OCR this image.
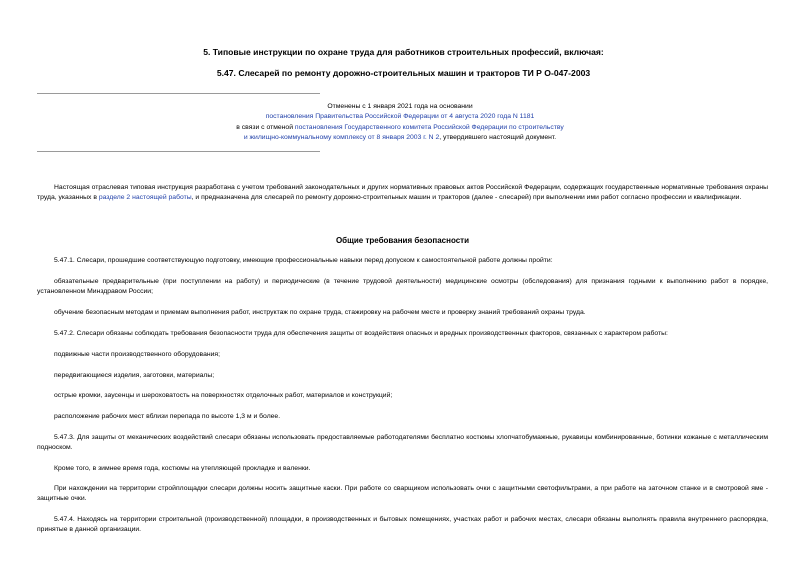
5. Типовые инструкции по охране труда для работников строительных профессий, включая:
5.47. Слесарей по ремонту дорожно-строительных машин и тракторов ТИ Р О-047-2003
Отменены с 1 января 2021 года на основании
постановления Правительства Российской Федерации от 4 августа 2020 года N 1181
в связи с отменой постановления Государственного комитета Российской Федерации по строительству
и жилищно-коммунальному комплексу от 8 января 2003 г. N 2, утвердившего настоящий документ.

Настоящая отраслевая типовая инструкция разработана с учетом требований законодательных и других нормативных правовых актов Российской Федерации, содержащих государственные нормативные требования охраны труда, указанных в разделе 2 настоящей работы, и предназначена для слесарей по ремонту дорожно-строительных машин и тракторов (далее - слесарей) при выполнении ими работ согласно профессии и квалификации.

Общие требования безопасности

5.47.1. Слесари, прошедшие соответствующую подготовку, имеющие профессиональные навыки перед допуском к самостоятельной работе должны пройти:

обязательные предварительные (при поступлении на работу) и периодические (в течение трудовой деятельности) медицинские осмотры (обследования) для признания годными к выполнению работ в порядке, установленном Минздравом России;

обучение безопасным методам и приемам выполнения работ, инструктаж по охране труда, стажировку на рабочем месте и проверку знаний требований охраны труда.

5.47.2. Слесари обязаны соблюдать требования безопасности труда для обеспечения защиты от воздействия опасных и вредных производственных факторов, связанных с характером работы:

подвижные части производственного оборудования;

передвигающиеся изделия, заготовки, материалы;

острые кромки, заусенцы и шероховатость на поверхностях отделочных работ, материалов и конструкций;

расположение рабочих мест вблизи перепада по высоте 1,3 м и более.

5.47.3. Для защиты от механических воздействий слесари обязаны использовать предоставляемые работодателями бесплатно костюмы хлопчатобумажные, рукавицы комбинированные, ботинки кожаные с металлическим подноском.

Кроме того, в зимнее время года, костюмы на утепляющей прокладке и валенки.

При нахождении на территории стройплощадки слесари должны носить защитные каски. При работе со сварщиком использовать очки с защитными светофильтрами, а при работе на заточном станке и в смотровой яме - защитные очки.

5.47.4. Находясь на территории строительной (производственной) площадки, в производственных и бытовых помещениях, участках работ и рабочих местах, слесари обязаны выполнять правила внутреннего распорядка, принятые в данной организации.
